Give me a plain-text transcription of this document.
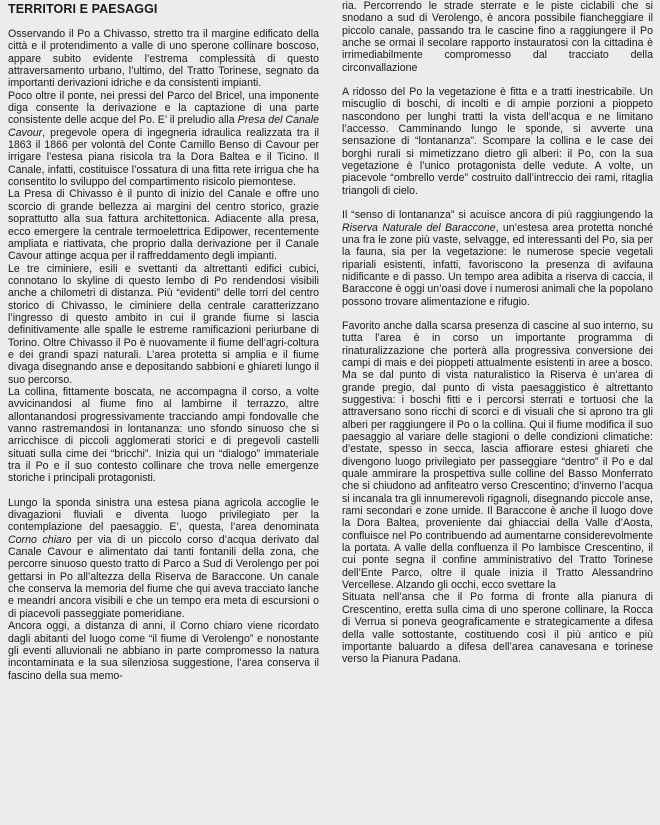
TERRITORI E PAESAGGI

Osservando il Po a Chivasso, stretto tra il margine edificato della città e il protendimento a valle di uno sperone collinare boscoso, appare subito evidente l’estrema complessità di questo attraversamento urbano, l’ultimo, del Tratto Torinese, segnato da importanti derivazioni idriche e da consistenti impianti.

Poco oltre il ponte, nei pressi del Parco del Bricel, una imponente diga consente la derivazione e la captazione di una parte consistente delle acque del Po. E’ il preludio alla Presa del Canale Cavour, pregevole opera di ingegneria idraulica realizzata tra il 1863 il 1866 per volontà del Conte Camillo Benso di Cavour per irrigare l’estesa piana risicola tra la Dora Baltea e il Ticino. Il Canale, infatti, costituisce l’ossatura di una fitta rete irrigua che ha consentito lo sviluppo del compartimento risicolo piemontese.

La Presa di Chivasso è il punto di inizio del Canale e offre uno scorcio di grande bellezza ai margini del centro storico, grazie soprattutto alla sua fattura architettonica. Adiacente alla presa, ecco emergere la centrale termoelettrica Edipower, recentemente ampliata e riattivata, che proprio dalla derivazione per il Canale Cavour attinge acqua per il raffreddamento degli impianti.

Le tre ciminiere, esili e svettanti da altrettanti edifici cubici, connotano lo skyline di questo lembo di Po rendendosi visibili anche a chilometri di distanza. Più “evidenti” delle torri del centro storico di Chivasso, le ciminiere della centrale caratterizzano l’ingresso di questo ambito in cui il grande fiume si lascia definitivamente alle spalle le estreme ramificazioni periurbane di Torino. Oltre Chivasso il Po è nuovamente il fiume dell’agri-coltura e dei grandi spazi naturali. L’area protetta si amplia e il fiume divaga disegnando anse e depositando sabbioni e ghiareti lungo il suo percorso.

La collina, fittamente boscata, ne accompagna il corso, a volte avvicinandosi al fiume fino al lambirne il terrazzo, altre allontanandosi progressivamente tracciando ampi fondovalle che vanno rastremandosi in lontananza: uno sfondo sinuoso che si arricchisce di piccoli agglomerati storici e di pregevoli castelli situati sulla cime dei “bricchi”. Inizia qui un “dialogo” immateriale tra il Po e il suo contesto collinare che trova nelle emergenze storiche i principali protagonisti.

Lungo la sponda sinistra una estesa piana agricola accoglie le divagazioni fluviali e diventa luogo privilegiato per la contemplazione del paesaggio. E’, questa, l’area denominata Corno chiaro per via di un piccolo corso d’acqua derivato dal Canale Cavour e alimentato dai tanti fontanili della zona, che percorre sinuoso questo tratto di Parco a Sud di Verolengo per poi gettarsi in Po all’altezza della Riserva de Baraccone. Un canale che conserva la memoria del fiume che qui aveva tracciato lanche e meandri ancora visibili e che un tempo era meta di escursioni o di piacevoli passeggiate pomeridiane.

Ancora oggi, a distanza di anni, il Corno chiaro viene ricordato dagli abitanti del luogo come “il fiume di Verolengo” e nonostante gli eventi alluvionali ne abbiano in parte compromesso la natura incontaminata e la sua silenziosa suggestione, l’area conserva il fascino della sua memo-

ria. Percorrendo le strade sterrate e le piste ciclabili che si snodano a sud di Verolengo, è ancora possibile fiancheggiare il piccolo canale, passando tra le cascine fino a raggiungere il Po anche se ormai il secolare rapporto instauratosi con la cittadina è irrimediabilmente compromesso dal tracciato della circonvallazione

A ridosso del Po la vegetazione è fitta e a tratti inestricabile. Un miscuglio di boschi, di incolti e di ampie porzioni a pioppeto nascondono per lunghi tratti la vista dell’acqua e ne limitano l’accesso. Camminando lungo le sponde, si avverte una sensazione di “lontananza”. Scompare la collina e le case dei borghi rurali si mimetizzano dietro gli alberi: il Po, con la sua vegetazione è l’unico protagonista delle vedute. A volte, un piacevole “ombrello verde” costruito dall’intreccio dei rami, ritaglia triangoli di cielo.

Il “senso di lontananza” si acuisce ancora di più raggiungendo la Riserva Naturale del Baraccone, un’estesa area protetta nonché una fra le zone più vaste, selvagge, ed interessanti del Po, sia per la fauna, sia per la vegetazione: le numerose specie vegetali ripariali esistenti, infatti, favoriscono la presenza di avifauna nidificante e di passo. Un tempo area adibita a riserva di caccia, il Baraccone è oggi un’oasi dove i numerosi animali che la popolano possono trovare alimentazione e rifugio.

Favorito anche dalla scarsa presenza di cascine al suo interno, su tutta l’area è in corso un importante programma di rinaturalizzazione che porterà alla progressiva conversione dei campi di mais e dei pioppeti attualmente esistenti in aree a bosco. Ma se dal punto di vista naturalistico la Riserva è un’area di grande pregio, dal punto di vista paesaggistico è altrettanto suggestiva: i boschi fitti e i percorsi sterrati e tortuosi che la attraversano sono ricchi di scorci e di visuali che si aprono tra gli alberi per raggiungere il Po o la collina. Qui il fiume modifica il suo paesaggio al variare delle stagioni o delle condizioni climatiche: d’estate, spesso in secca, lascia affiorare estesi ghiareti che divengono luogo privilegiato per passeggiare “dentro” il Po e dal quale ammirare la prospettiva sulle colline del Basso Monferrato che si chiudono ad anfiteatro verso Crescentino; d’inverno l’acqua si incanala tra gli innumerevoli rigagnoli, disegnando piccole anse, rami secondari e zone umide. Il Baraccone è anche il luogo dove la Dora Baltea, proveniente dai ghiacciai della Valle d’Aosta, confluisce nel Po contribuendo ad aumentarne considerevolmente la portata. A valle della confluenza il Po lambisce Crescentino, il cui ponte segna il confine amministrativo del Tratto Torinese dell’Ente Parco, oltre il quale inizia il Tratto Alessandrino Vercellese. Alzando gli occhi, ecco svettare la

Situata nell’ansa che il Po forma di fronte alla pianura di Crescentino, eretta sulla cima di uno sperone collinare, la Rocca di Verrua si poneva geograficamente e strategicamente a difesa della valle sottostante, costituendo così il più antico e più importante baluardo a difesa dell’area canavesana e torinese verso la Pianura Padana.
